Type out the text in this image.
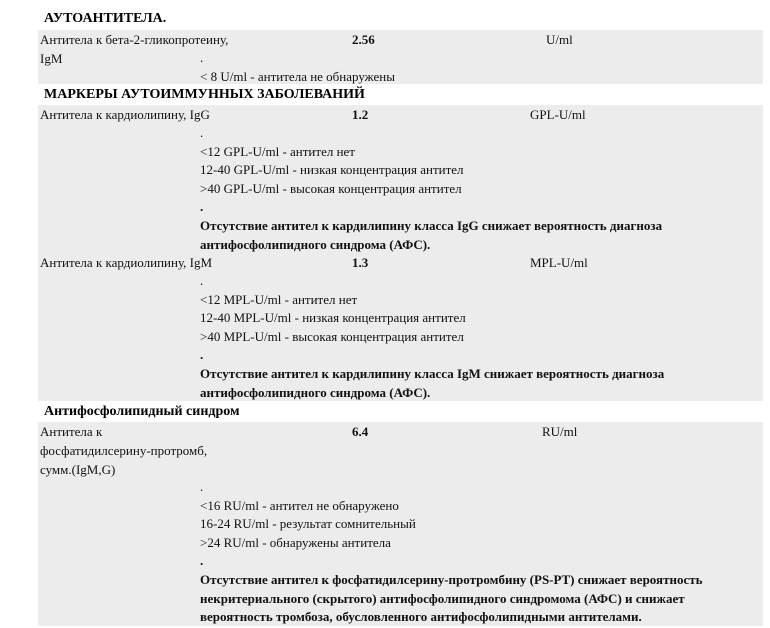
АУТОАНТИТЕЛА.
Антитела к бета-2-гликопротеину, IgM
2.56	U/ml
.
< 8 U/ml - антитела не обнаружены
МАРКЕРЫ АУТОИММУННЫХ ЗАБОЛЕВАНИЙ
Антитела к кардиолипину, IgG	1.2	GPL-U/ml
.
<12 GPL-U/ml - антител нет
12-40 GPL-U/ml - низкая концентрация антител
>40 GPL-U/ml - высокая концентрация антител
.
Отсутствие антител к кардилипину класса IgG снижает вероятность диагноза
антифосфолипидного синдрома (АФС).
Антитела к кардиолипину, IgM	1.3	MPL-U/ml
.
<12 MPL-U/ml - антител нет
12-40 MPL-U/ml - низкая концентрация антител
>40 MPL-U/ml - высокая концентрация антител
.
Отсутствие антител к кардилипину класса IgM снижает вероятность диагноза
антифосфолипидного синдрома (АФС).
Антифосфолипидный синдром
Антитела к
фосфатидилсерину-протромб,
сумм.(IgM,G)
6.4	RU/ml
.
<16 RU/ml - антител не обнаружено
16-24 RU/ml - результат сомнительный
>24 RU/ml - обнаружены антитела
.
Отсутствие антител к фосфатидилсерину-протромбину (PS-PT) снижает вероятность
некритериального (скрытого) антифосфолипидного синдромома (АФС) и снижает
вероятность тромбоза, обусловленного антифосфолипидными антителами.
